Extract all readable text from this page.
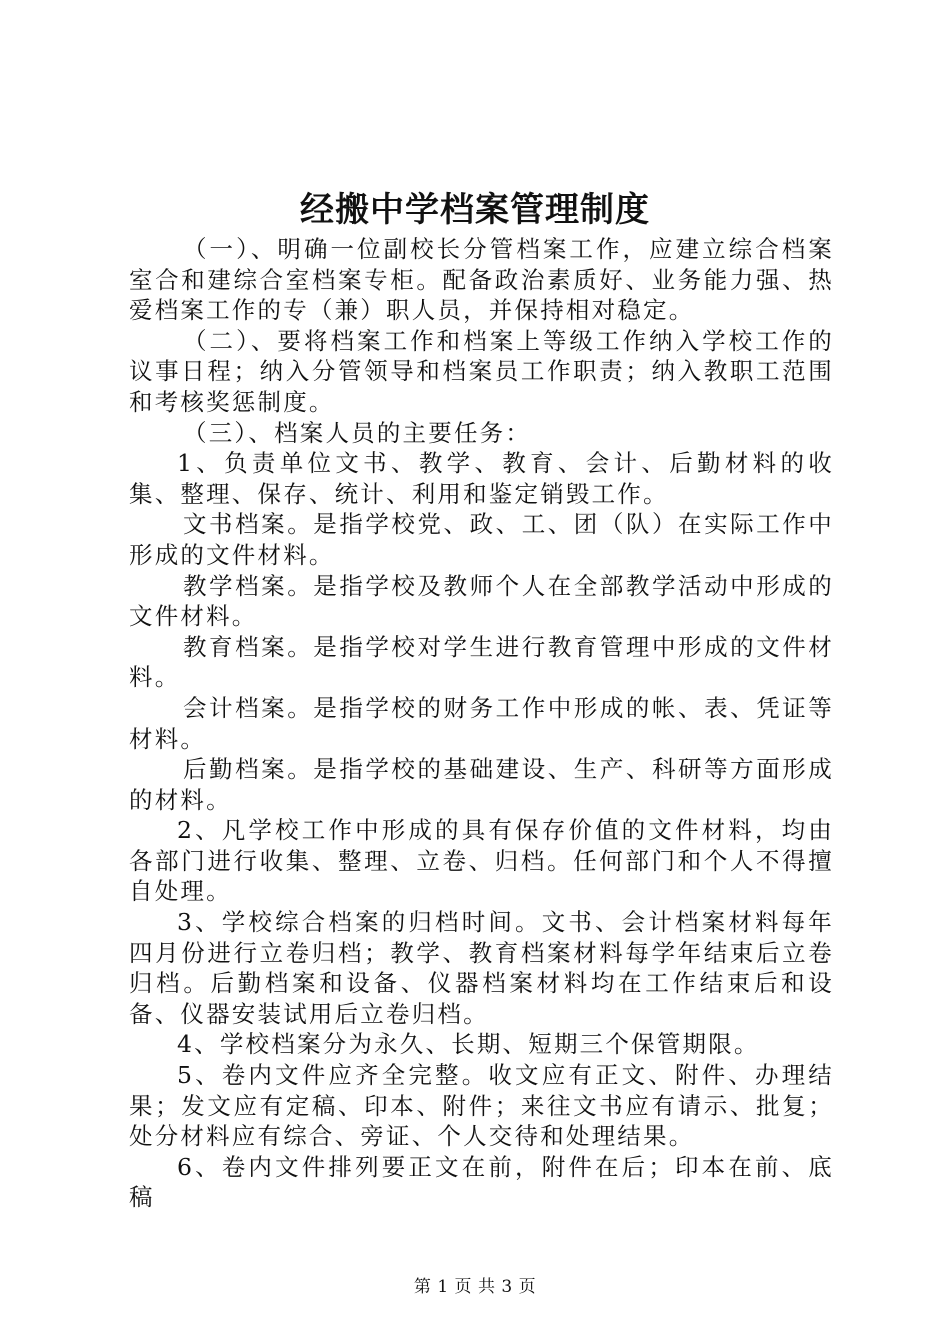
经搬中学档案管理制度

（一）、明确一位副校长分管档案工作，应建立综合档案室合和建综合室档案专柜。配备政治素质好、业务能力强、热爱档案工作的专（兼）职人员，并保持相对稳定。

（二）、要将档案工作和档案上等级工作纳入学校工作的议事日程；纳入分管领导和档案员工作职责；纳入教职工范围和考核奖惩制度。

（三）、档案人员的主要任务：

1、负责单位文书、教学、教育、会计、后勤材料的收集、整理、保存、统计、利用和鉴定销毁工作。

文书档案。是指学校党、政、工、团（队）在实际工作中形成的文件材料。

教学档案。是指学校及教师个人在全部教学活动中形成的文件材料。

教育档案。是指学校对学生进行教育管理中形成的文件材料。

会计档案。是指学校的财务工作中形成的帐、表、凭证等材料。

后勤档案。是指学校的基础建设、生产、科研等方面形成的材料。

2、凡学校工作中形成的具有保存价值的文件材料，均由各部门进行收集、整理、立卷、归档。任何部门和个人不得擅自处理。

3、学校综合档案的归档时间。文书、会计档案材料每年四月份进行立卷归档；教学、教育档案材料每学年结束后立卷归档。后勤档案和设备、仪器档案材料均在工作结束后和设备、仪器安装试用后立卷归档。

4、学校档案分为永久、长期、短期三个保管期限。

5、卷内文件应齐全完整。收文应有正文、附件、办理结果；发文应有定稿、印本、附件；来往文书应有请示、批复；处分材料应有综合、旁证、个人交待和处理结果。

6、卷内文件排列要正文在前，附件在后；印本在前、底稿

第 1 页 共 3 页
